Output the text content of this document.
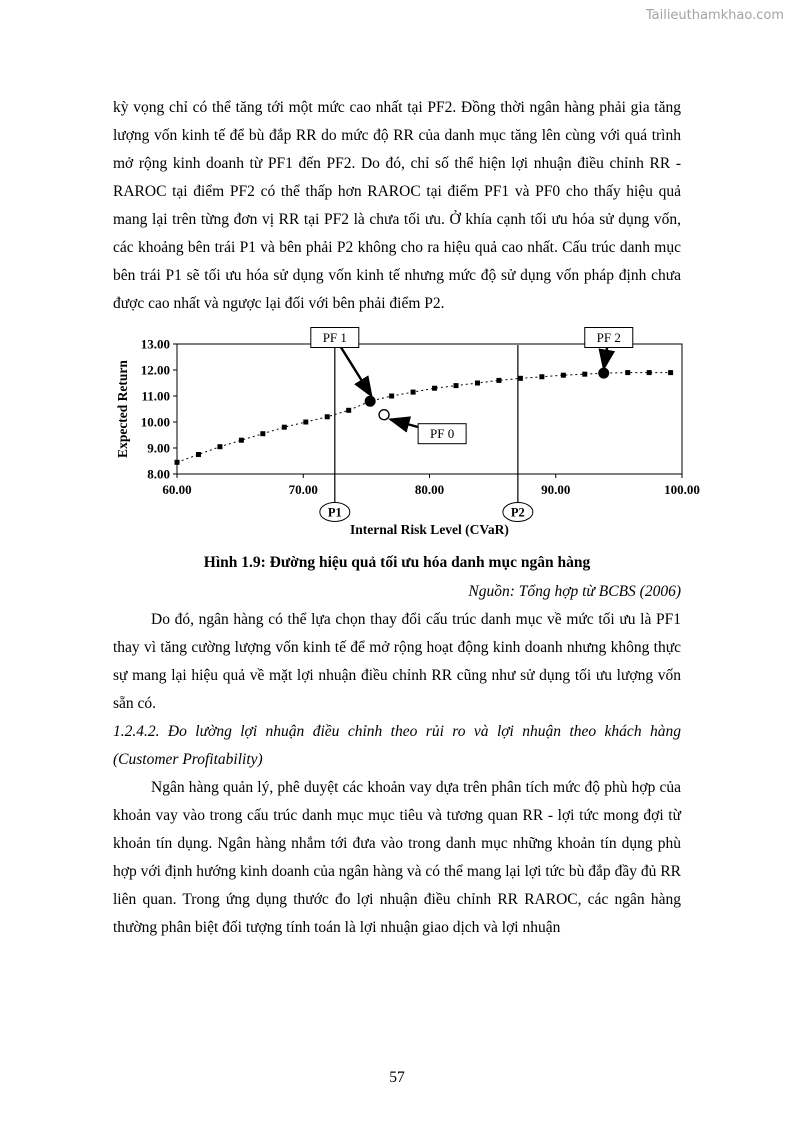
Tailieuthamkhao.com

kỳ vọng chỉ có thể tăng tới một mức cao nhất tại PF2. Đồng thời ngân hàng phải gia tăng lượng vốn kinh tế để bù đắp RR do mức độ RR của danh mục tăng lên cùng với quá trình mở rộng kinh doanh từ PF1 đến PF2. Do đó, chỉ số thể hiện lợi nhuận điều chỉnh RR - RAROC tại điểm PF2 có thể thấp hơn RAROC tại điểm PF1 và PF0 cho thấy hiệu quả mang lại trên từng đơn vị RR tại PF2 là chưa tối ưu. Ở khía cạnh tối ưu hóa sử dụng vốn, các khoảng bên trái P1 và bên phải P2 không cho ra hiệu quả cao nhất. Cấu trúc danh mục bên trái P1 sẽ tối ưu hóa sử dụng vốn kinh tế nhưng mức độ sử dụng vốn pháp định chưa được cao nhất và ngược lại đối với bên phải điểm P2.

8.00
9.00
10.00
11.00
12.00
13.00
60.00	70.00	80.00	90.00	100.00
P1	P2
PF 1	PF 2
PF 0
Internal Risk Level (CVaR)
Expected Return
Hình 1.9: Đường hiệu quả tối ưu hóa danh mục ngân hàng
Nguồn: Tổng hợp từ BCBS (2006)

Do đó, ngân hàng có thể lựa chọn thay đổi cấu trúc danh mục về mức tối ưu là PF1 thay vì tăng cường lượng vốn kinh tế để mở rộng hoạt động kinh doanh nhưng không thực sự mang lại hiệu quả về mặt lợi nhuận điều chỉnh RR cũng như sử dụng tối ưu lượng vốn sẵn có.

1.2.4.2. Đo lường lợi nhuận điều chỉnh theo rủi ro và lợi nhuận theo khách hàng (Customer Profitability)

Ngân hàng quản lý, phê duyệt các khoản vay dựa trên phân tích mức độ phù hợp của khoản vay vào trong cấu trúc danh mục mục tiêu và tương quan RR - lợi tức mong đợi từ khoản tín dụng. Ngân hàng nhắm tới đưa vào trong danh mục những khoản tín dụng phù hợp với định hướng kinh doanh của ngân hàng và có thể mang lại lợi tức bù đắp đầy đủ RR liên quan. Trong ứng dụng thước đo lợi nhuận điều chỉnh RR RAROC, các ngân hàng thường phân biệt đối tượng tính toán là lợi nhuận giao dịch và lợi nhuận

57
